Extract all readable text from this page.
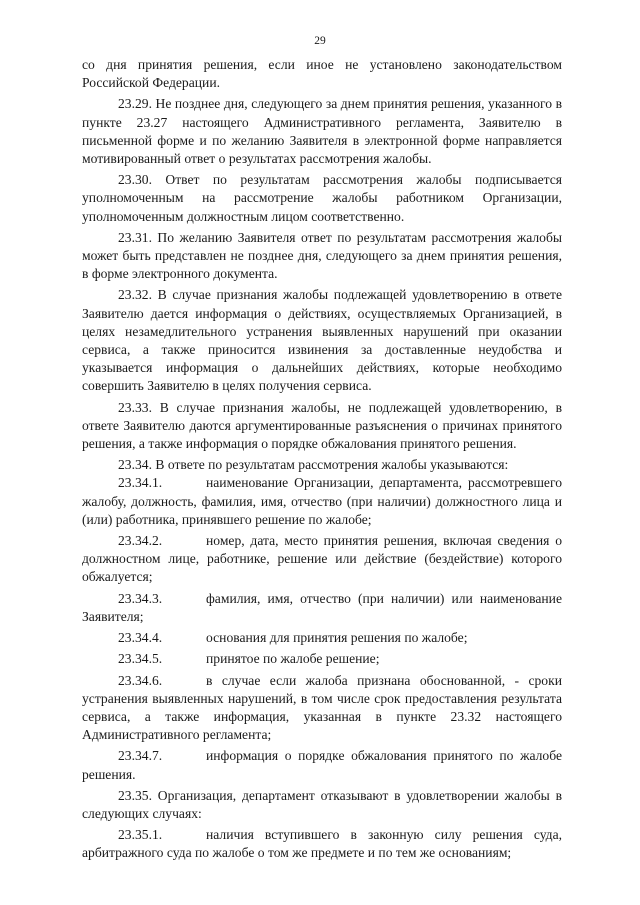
29

со дня принятия решения, если иное не установлено законодательством Российской Федерации.

23.29. Не позднее дня, следующего за днем принятия решения, указанного в пункте 23.27 настоящего Административного регламента, Заявителю в письменной форме и по желанию Заявителя в электронной форме направляется мотивированный ответ о результатах рассмотрения жалобы.

23.30. Ответ по результатам рассмотрения жалобы подписывается уполномоченным на рассмотрение жалобы работником Организации, уполномоченным должностным лицом соответственно.

23.31. По желанию Заявителя ответ по результатам рассмотрения жалобы может быть представлен не позднее дня, следующего за днем принятия решения, в форме электронного документа.

23.32. В случае признания жалобы подлежащей удовлетворению в ответе Заявителю дается информация о действиях, осуществляемых Организацией, в целях незамедлительного устранения выявленных нарушений при оказании сервиса, а также приносится извинения за доставленные неудобства и указывается информация о дальнейших действиях, которые необходимо совершить Заявителю в целях получения сервиса.

23.33. В случае признания жалобы, не подлежащей удовлетворению, в ответе Заявителю даются аргументированные разъяснения о причинах принятого решения, а также информация о порядке обжалования принятого решения.

23.34. В ответе по результатам рассмотрения жалобы указываются:

23.34.1.	наименование Организации, департамента, рассмотревшего жалобу, должность, фамилия, имя, отчество (при наличии) должностного лица и (или) работника, принявшего решение по жалобе;

23.34.2.	номер, дата, место принятия решения, включая сведения о должностном лице, работнике, решение или действие (бездействие) которого обжалуется;

23.34.3.	фамилия, имя, отчество (при наличии) или наименование Заявителя;

23.34.4.	основания для принятия решения по жалобе;

23.34.5.	принятое по жалобе решение;

23.34.6.	в случае если жалоба признана обоснованной, - сроки устранения выявленных нарушений, в том числе срок предоставления результата сервиса, а также информация, указанная в пункте 23.32 настоящего Административного регламента;

23.34.7.	информация о порядке обжалования принятого по жалобе решения.

23.35. Организация, департамент отказывают в удовлетворении жалобы в следующих случаях:

23.35.1.	наличия вступившего в законную силу решения суда, арбитражного суда по жалобе о том же предмете и по тем же основаниям;
